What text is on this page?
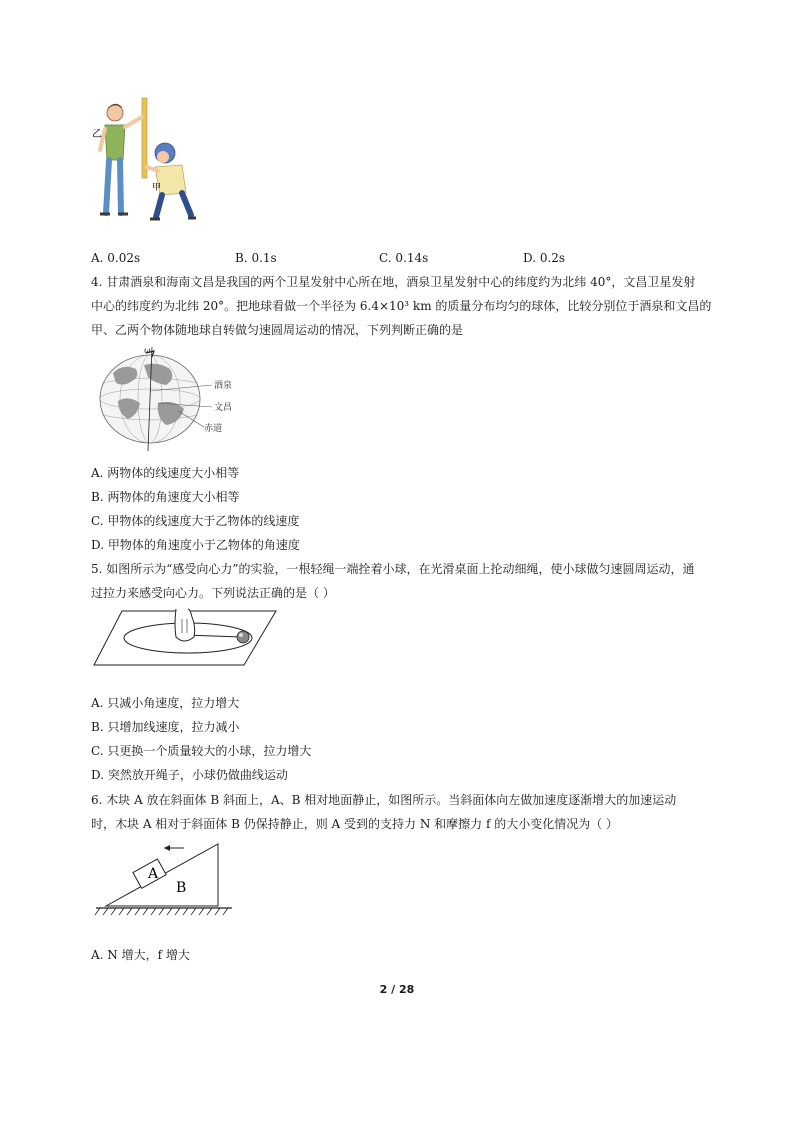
乙
甲
A. 0.02s	B. 0.1s	C. 0.14s	D. 0.2s
4. 甘肃酒泉和海南文昌是我国的两个卫星发射中心所在地，酒泉卫星发射中心的纬度约为北纬 40°，文昌卫星发射
中心的纬度约为北纬 20°。把地球看做一个半径为 6.4×10³ km 的质量分布均匀的球体，比较分别位于酒泉和文昌的
甲、乙两个物体随地球自转做匀速圆周运动的情况，下列判断正确的是
ω
酒泉
文昌
赤道
A. 两物体的线速度大小相等
B. 两物体的角速度大小相等
C. 甲物体的线速度大于乙物体的线速度
D. 甲物体的角速度小于乙物体的角速度
5. 如图所示为“感受向心力”的实验，一根轻绳一端拴着小球，在光滑桌面上抡动细绳，使小球做匀速圆周运动，通
过拉力来感受向心力。下列说法正确的是（ ）
A. 只减小角速度，拉力增大
B. 只增加线速度，拉力减小
C. 只更换一个质量较大的小球，拉力增大
D. 突然放开绳子，小球仍做曲线运动
6. 木块 A 放在斜面体 B 斜面上，A、B 相对地面静止，如图所示。当斜面体向左做加速度逐渐增大的加速运动
时，木块 A 相对于斜面体 B 仍保持静止，则 A 受到的支持力 N 和摩擦力 f 的大小变化情况为（ ）
A
B
A. N 增大，f 增大
2 / 28
